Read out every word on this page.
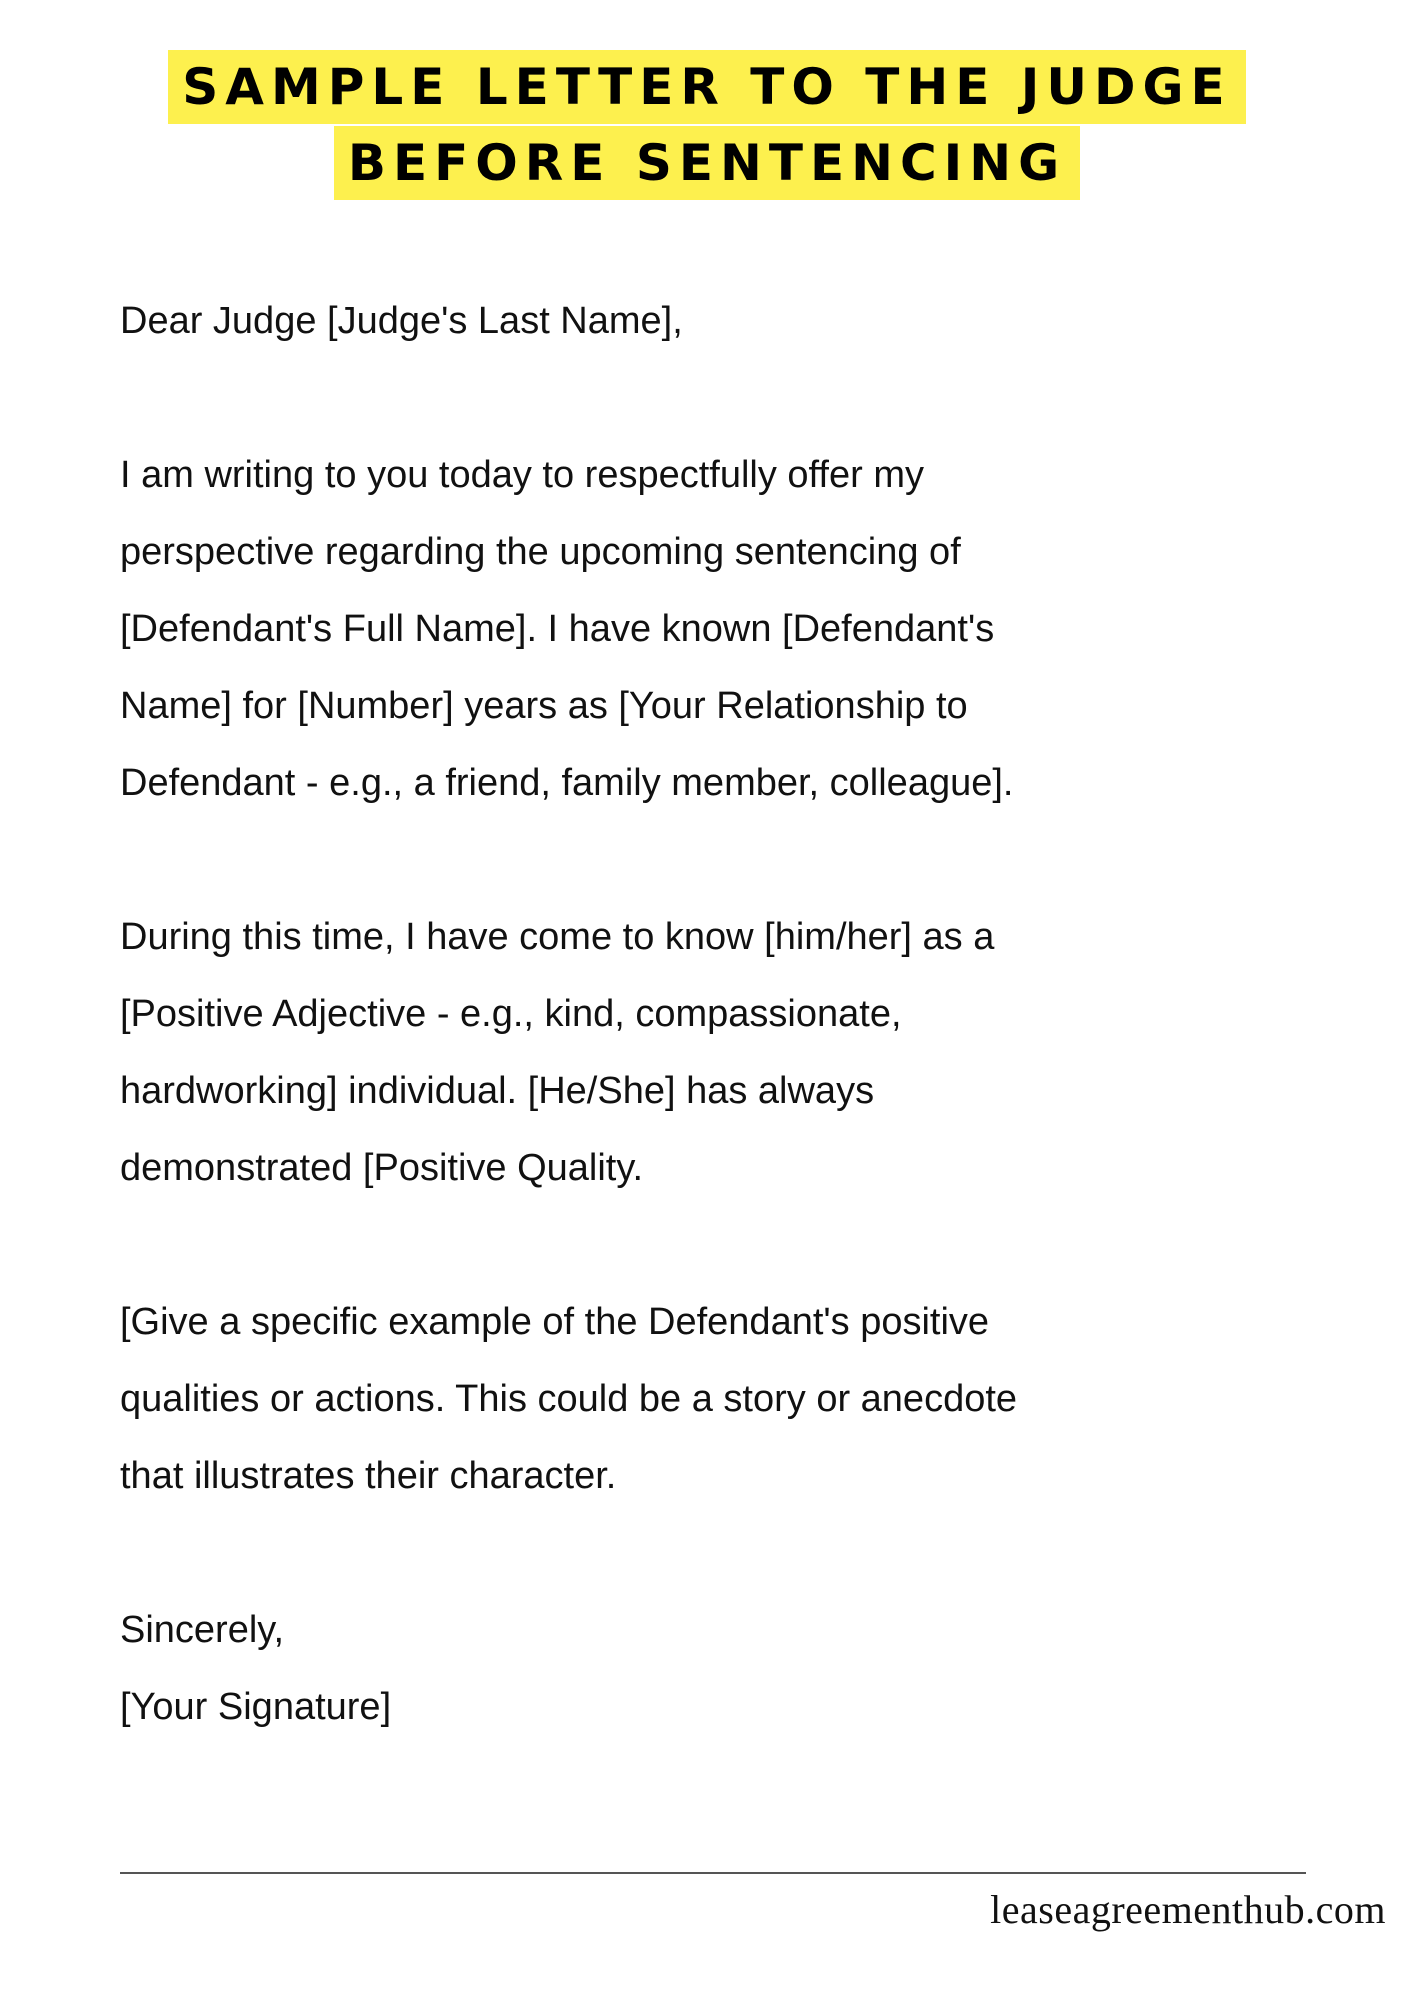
SAMPLE LETTER TO THE JUDGE
BEFORE SENTENCING
Dear Judge [Judge's Last Name],
I am writing to you today to respectfully offer my
perspective regarding the upcoming sentencing of
[Defendant's Full Name]. I have known [Defendant's
Name] for [Number] years as [Your Relationship to
Defendant - e.g., a friend, family member, colleague].
During this time, I have come to know [him/her] as a
[Positive Adjective - e.g., kind, compassionate,
hardworking] individual. [He/She] has always
demonstrated [Positive Quality.
[Give a specific example of the Defendant's positive
qualities or actions. This could be a story or anecdote
that illustrates their character.
Sincerely,
[Your Signature]
leaseagreementhub.com
